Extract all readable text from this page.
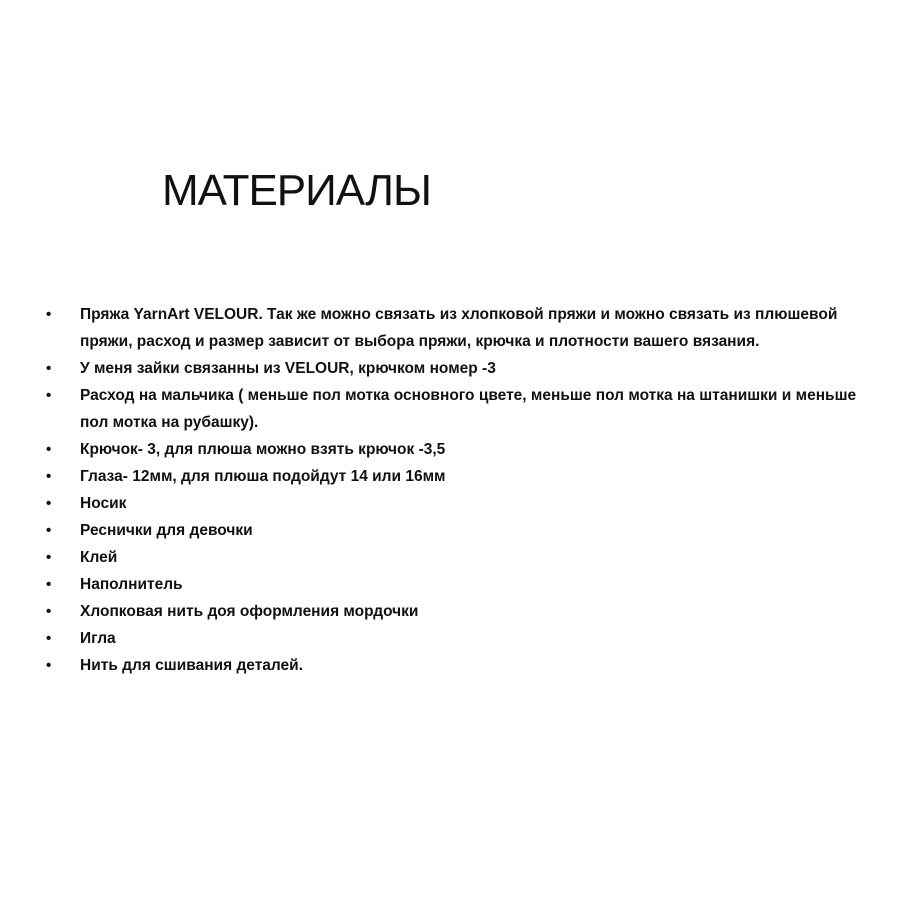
МАТЕРИАЛЫ
• Пряжа YarnArt VELOUR. Так же можно связать из хлопковой пряжи и можно связать из плюшевой пряжи, расход и размер зависит от выбора пряжи, крючка и плотности вашего вязания.
• У меня зайки связанны из VELOUR, крючком номер -3
• Расход на мальчика ( меньше пол мотка основного цвете, меньше пол мотка на штанишки и меньше пол мотка на рубашку).
• Крючок- 3, для плюша можно взять крючок -3,5
• Глаза- 12мм, для плюша подойдут 14 или 16мм
• Носик
• Реснички для девочки
• Клей
• Наполнитель
• Хлопковая нить доя оформления мордочки
• Игла
• Нить для сшивания деталей.
